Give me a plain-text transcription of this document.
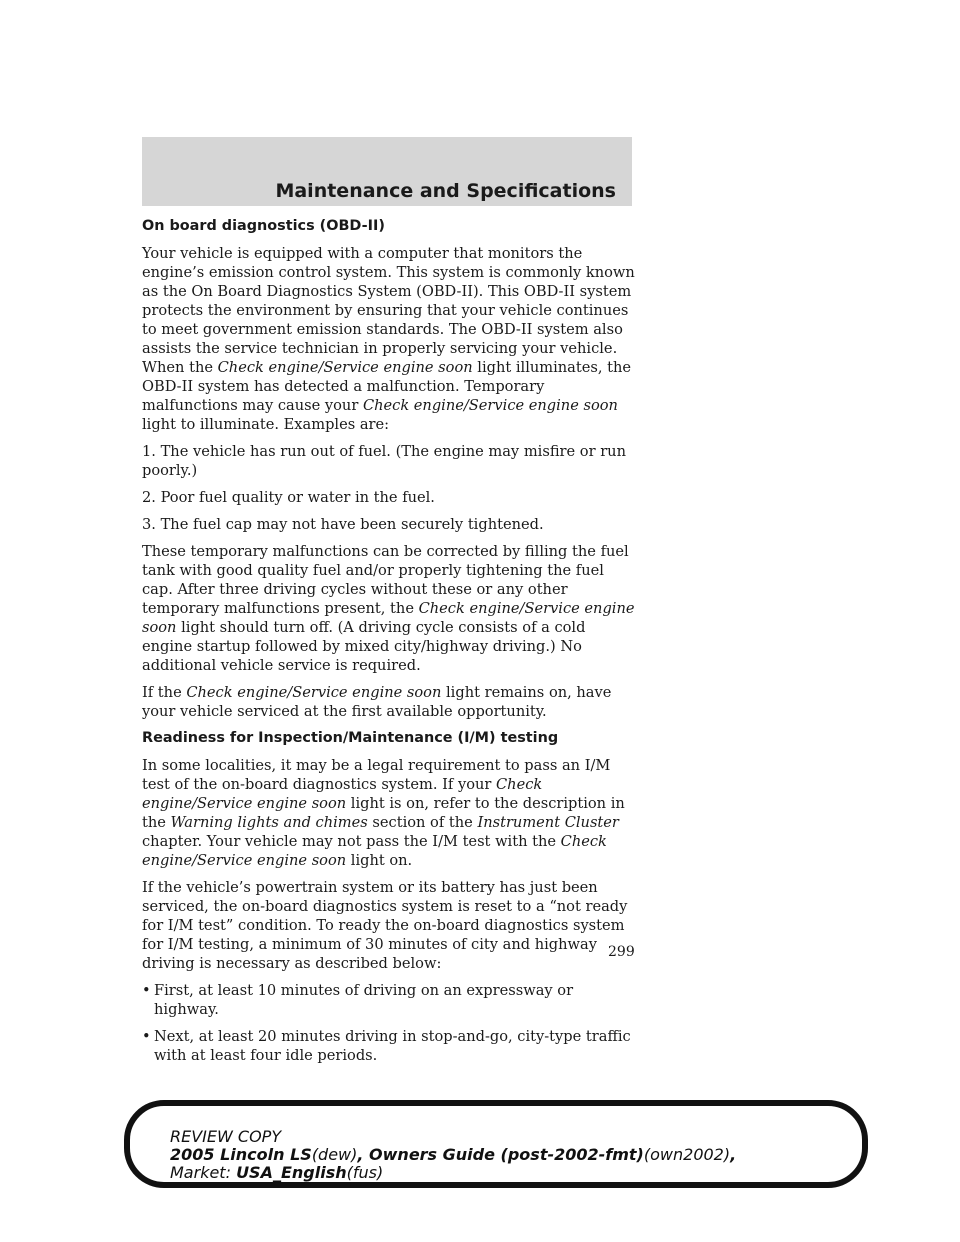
Maintenance and Specifications
On board diagnostics (OBD-II)

Your vehicle is equipped with a computer that monitors the engine’s emission control system. This system is commonly known as the On Board Diagnostics System (OBD-II). This OBD-II system protects the environment by ensuring that your vehicle continues to meet government emission standards. The OBD-II system also assists the service technician in properly servicing your vehicle. When the Check engine/Service engine soon light illuminates, the OBD-II system has detected a malfunction. Temporary malfunctions may cause your Check engine/Service engine soon light to illuminate. Examples are:

1. The vehicle has run out of fuel. (The engine may misfire or run poorly.)

2. Poor fuel quality or water in the fuel.

3. The fuel cap may not have been securely tightened.

These temporary malfunctions can be corrected by filling the fuel tank with good quality fuel and/or properly tightening the fuel cap. After three driving cycles without these or any other temporary malfunctions present, the Check engine/Service engine soon light should turn off. (A driving cycle consists of a cold engine startup followed by mixed city/highway driving.) No additional vehicle service is required.

If the Check engine/Service engine soon light remains on, have your vehicle serviced at the first available opportunity.

Readiness for Inspection/Maintenance (I/M) testing

In some localities, it may be a legal requirement to pass an I/M test of the on-board diagnostics system. If your Check engine/Service engine soon light is on, refer to the description in the Warning lights and chimes section of the Instrument Cluster chapter. Your vehicle may not pass the I/M test with the Check engine/Service engine soon light on.

If the vehicle’s powertrain system or its battery has just been serviced, the on-board diagnostics system is reset to a “not ready for I/M test” condition. To ready the on-board diagnostics system for I/M testing, a minimum of 30 minutes of city and highway driving is necessary as described below:

• First, at least 10 minutes of driving on an expressway or highway.
• Next, at least 20 minutes driving in stop-and-go, city-type traffic with at least four idle periods.
299
REVIEW COPY
2005 Lincoln LS(dew), Owners Guide (post-2002-fmt)(own2002),
Market: USA_English(fus)
